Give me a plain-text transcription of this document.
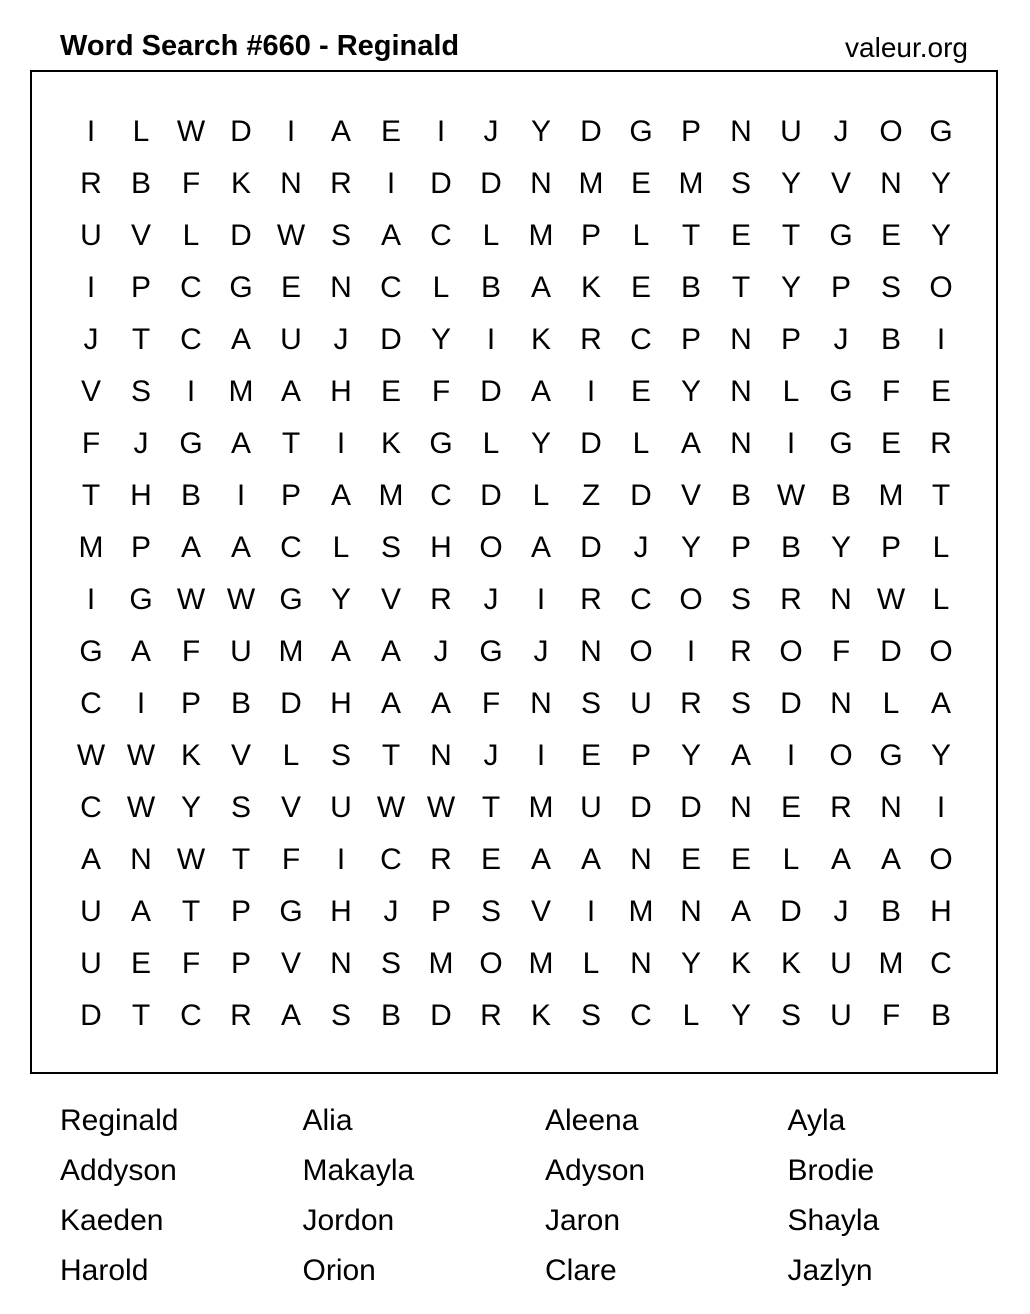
Word Search #660 - Reginald	valeur.org
I	L W D	I	A E	I	J	Y D G P N U	J	O G
R B	F	K N R	I	D D N M E M S Y V N Y
U V	L	D W S A C	L M P	L	T	E	T G E Y
I	P C G E N C	L	B A K E B	T	Y P S O
J	T	C A U	J	D Y	I	K R C P N P	J	B	I
V S	I	M A H E	F	D A	I	E Y N	L G F	E
F	J	G A	T	I	K G L	Y D	L	A N	I	G E R
T	H B	I	P A M C D	L	Z	D V B W B M T
M P A A C	L	S H O A D	J	Y P B Y P	L
I	G W W G Y V R	J	I	R C O S R N W L
G A	F	U M A A	J	G	J	N O	I	R O F	D O
C	I	P B D H A A	F	N S U R S D N	L	A
W W K V	L	S	T	N	J	I	E P Y A	I	O G Y
C W Y S V U W W T M U D D N E R N	I
A N W T	F	I	C R E A A N E E	L	A A O
U A	T	P G H	J	P S V	I	M N A D	J	B H
U E	F	P V N S M O M L	N Y K K U M C
D	T	C R A S B D R K S C	L	Y S U	F	B
Reginald	Alia	Aleena	Ayla
Addyson	Makayla	Adyson	Brodie
Kaeden	Jordon	Jaron	Shayla
Harold	Orion	Clare	Jazlyn
